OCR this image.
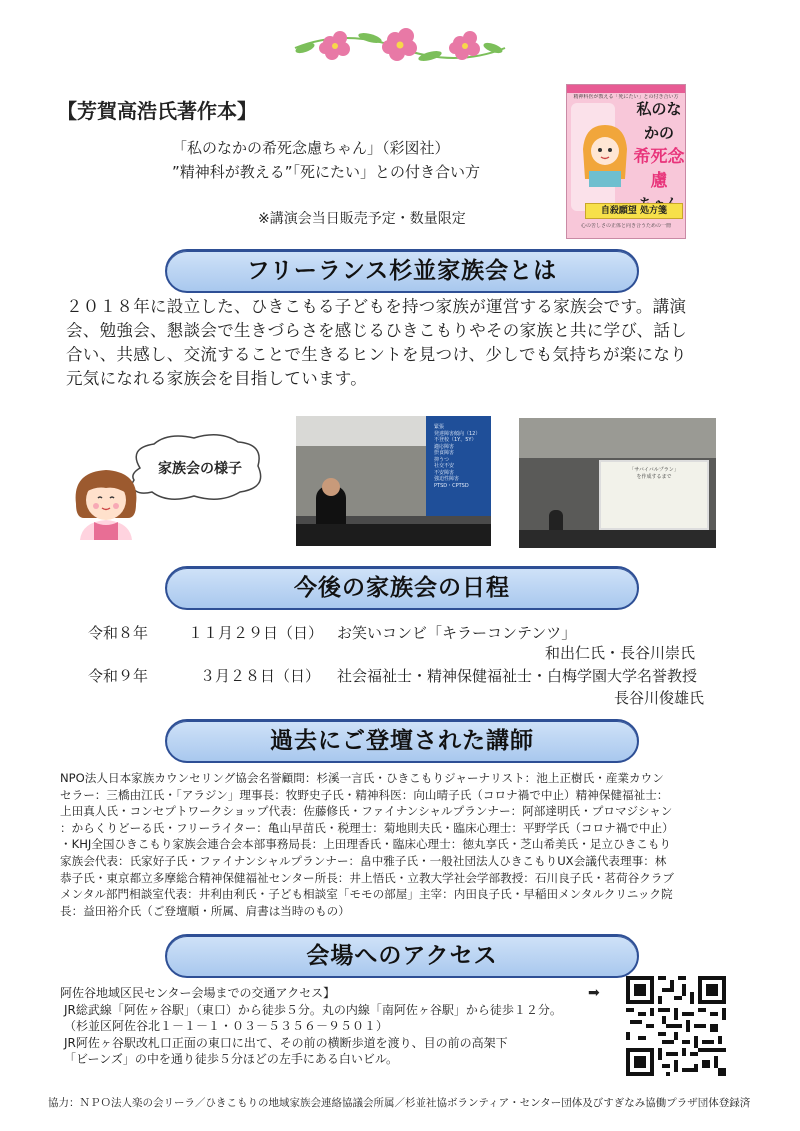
【芳賀高浩氏著作本】
「私のなかの希死念慮ちゃん」（彩図社）
”精神科が教える”「死にたい」との付き合い方
※講演会当日販売予定・数量限定
精神科医が教える「死にたい」との付き合い方
私のなかの
希死念慮
自殺願望 処方箋
心の苦しさの正体と向き合うための一冊
フリーランス杉並家族会とは
２０１８年に設立した、ひきこもる子どもを持つ家族が運営する家族会です。講演
会、勉強会、懇談会で生きづらさを感じるひきこもりやその家族と共に学び、話し
合い、共感し、交流することで生きるヒントを見つけ、少しでも気持ちが楽になり
元気になれる家族会を目指しています。
家族会の様子
緊張
発達障害傾向（12）
不登校（1Y、5Y）
適応障害
摂食障害
抑うつ
社交不安
不安障害
強迫性障害
PTSD・CPTSD
「サバイバルプラン」
を作成するまで
今後の家族会の日程
令和８年	１１月２９日（日） お笑いコンビ「キラーコンテンツ」
和出仁氏・長谷川崇氏
令和９年	３月２８日（日） 社会福祉士・精神保健福祉士・白梅学園大学名誉教授
長谷川俊雄氏
過去にご登壇された講師
NPO法人日本家族カウンセリング協会名誉顧問：杉溪一言氏・ひきこもりジャーナリスト：池上正樹氏・産業カウン
セラー：三橋由江氏・「アラジン」理事長：牧野史子氏・精神科医：向山晴子氏（コロナ禍で中止）精神保健福祉士：
上田真人氏・コンセプトワークショップ代表：佐藤修氏・ファイナンシャルプランナー：阿部達明氏・プロマジシャン
：からくりどーる氏・フリーライター：亀山早苗氏・税理士：菊地則夫氏・臨床心理士：平野学氏（コロナ禍で中止）
・KHJ全国ひきこもり家族会連合会本部事務局長：上田理香氏・臨床心理士：徳丸享氏・芝山希美氏・足立ひきこもり
家族会代表：氏家好子氏・ファイナンシャルプランナー：畠中雅子氏・一般社団法人ひきこもりUX会議代表理事：林
恭子氏・東京都立多摩総合精神保健福祉センター所長：井上悟氏・立教大学社会学部教授：石川良子氏・茗荷谷クラブ
メンタル部門相談室代表：井利由利氏・子ども相談室「モモの部屋」主宰：内田良子氏・早稲田メンタルクリニック院
長：益田裕介氏（ご登壇順・所属、肩書は当時のもの）
会場へのアクセス
阿佐谷地域区民センター会場までの交通アクセス】
JR総武線「阿佐ヶ谷駅」（東口）から徒歩５分。丸の内線「南阿佐ヶ谷駅」から徒歩１２分。
（杉並区阿佐谷北１－１－１・０３－５３５６－９５０１）
JR阿佐ヶ谷駅改札口正面の東口に出て、その前の横断歩道を渡り、目の前の高架下
「ビーンズ」の中を通り徒歩５分ほどの左手にある白いビル。
➡
協力：ＮＰＯ法人楽の会リーラ／ひきこもりの地域家族会連絡協議会所属／杉並社協ボランティア・センター団体及びすぎなみ協働プラザ団体登録済
